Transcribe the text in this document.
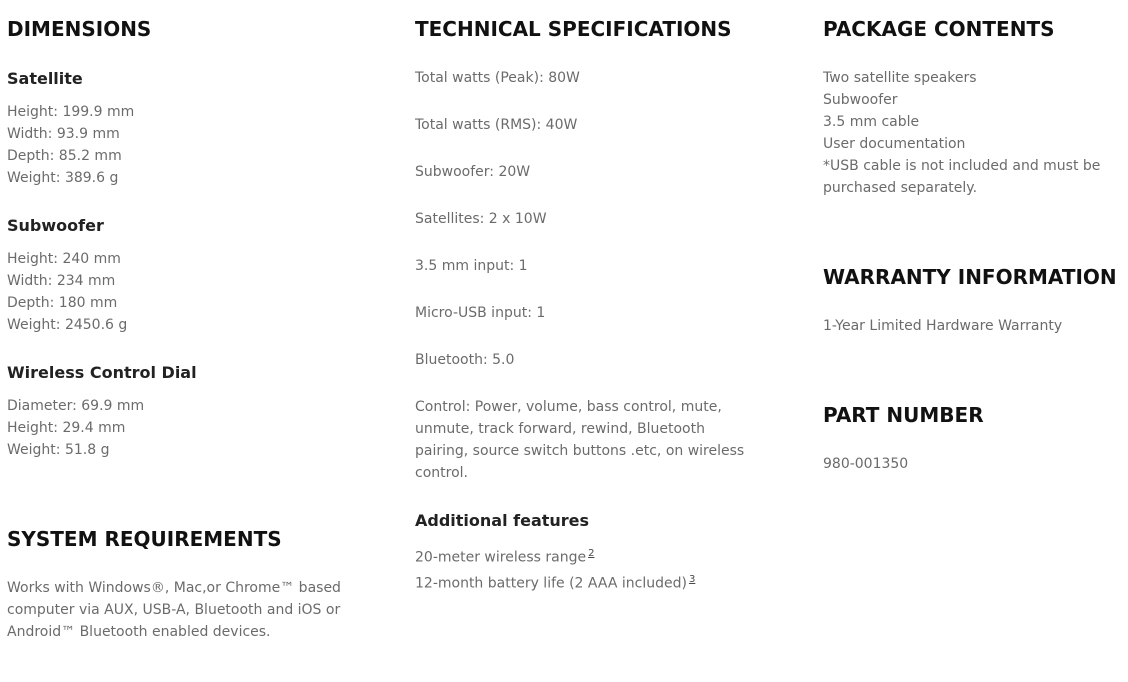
DIMENSIONS
Satellite
Height: 199.9 mm
Width: 93.9 mm
Depth: 85.2 mm
Weight: 389.6 g
Subwoofer
Height: 240 mm
Width: 234 mm
Depth: 180 mm
Weight: 2450.6 g
Wireless Control Dial
Diameter: 69.9 mm
Height: 29.4 mm
Weight: 51.8 g
SYSTEM REQUIREMENTS

Works with Windows®, Mac,or Chrome™ based computer via AUX, USB-A, Bluetooth and iOS or Android™ Bluetooth enabled devices.

TECHNICAL SPECIFICATIONS

Total watts (Peak): 80W

Total watts (RMS): 40W

Subwoofer: 20W

Satellites: 2 x 10W

3.5 mm input: 1

Micro-USB input: 1

Bluetooth: 5.0

Control: Power, volume, bass control, mute, unmute, track forward, rewind, Bluetooth pairing, source switch buttons .etc, on wireless control.

Additional features
20-meter wireless range $^2$
12-month battery life (2 AAA included) $^3$
PACKAGE CONTENTS
Two satellite speakers
Subwoofer
3.5 mm cable
User documentation
*USB cable is not included and must be
purchased separately.
WARRANTY INFORMATION

1-Year Limited Hardware Warranty

PART NUMBER

980-001350
